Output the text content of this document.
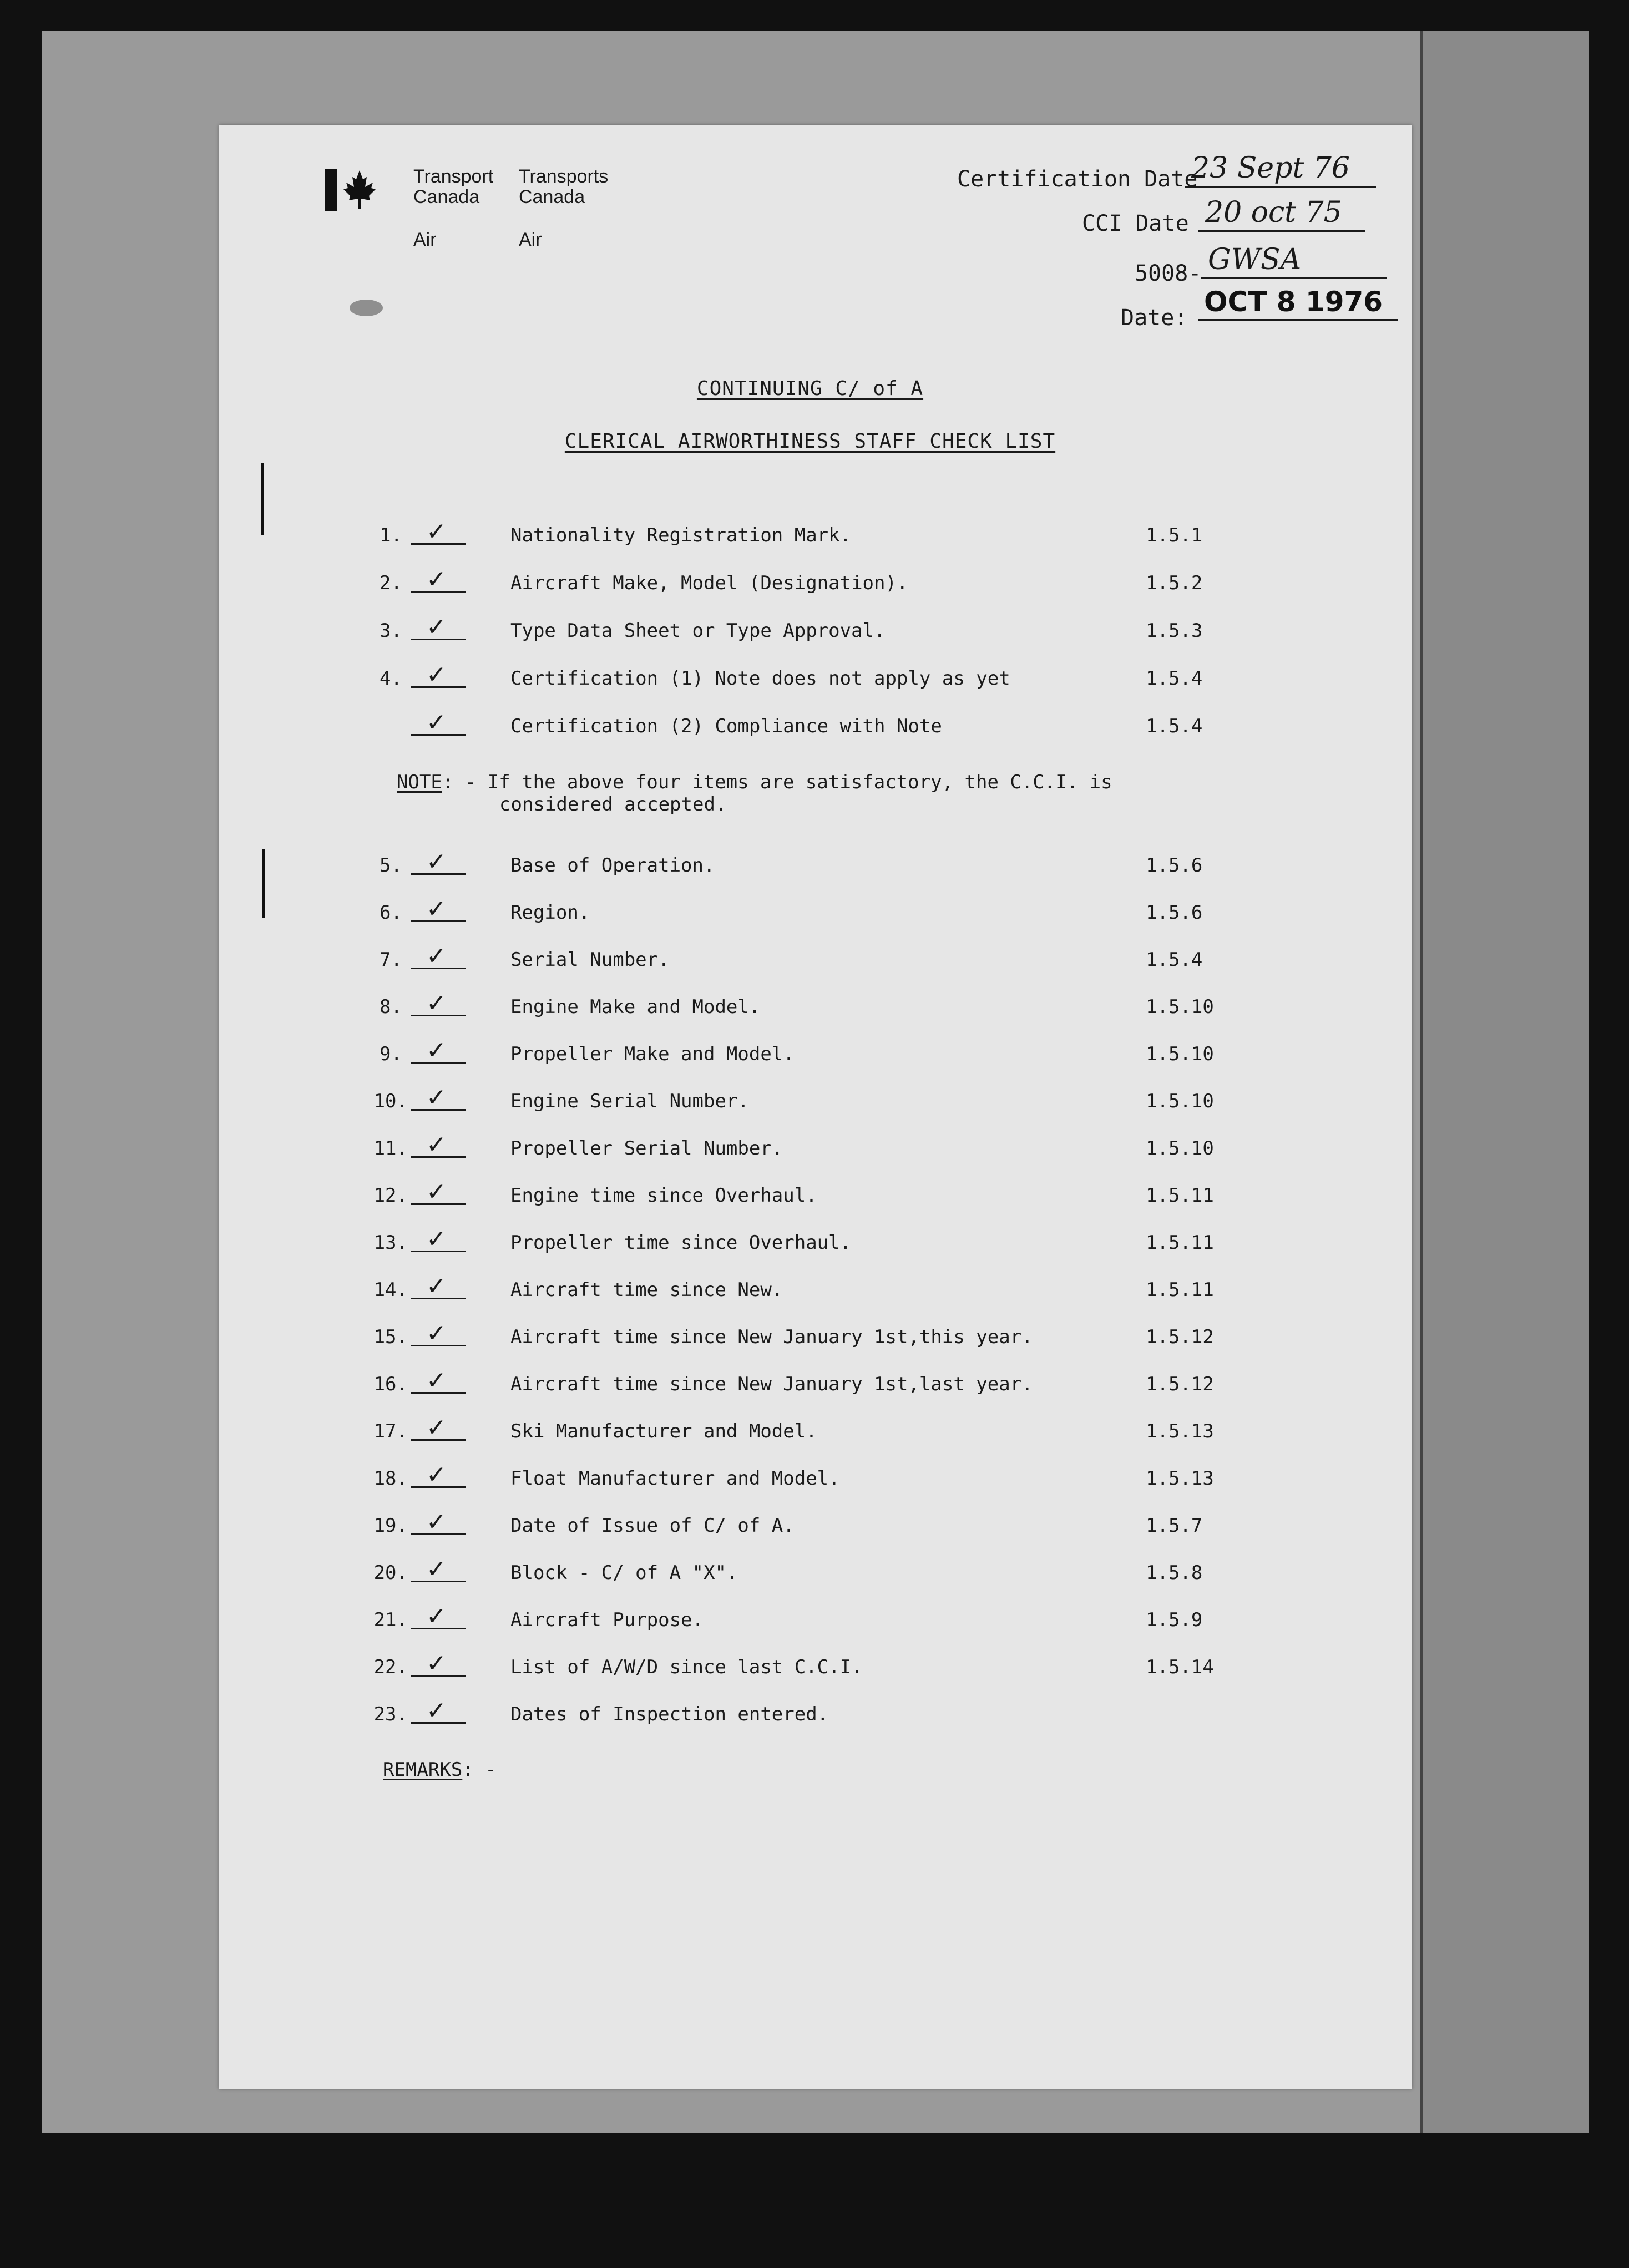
Transport
Canada
Air
Transports
Canada
Air
Certification Date
23 Sept 76
CCI Date 20 oct 75
5008- GWSA
Date: OCT 8 1976
CONTINUING C/ of A
CLERICAL AIRWORTHINESS STAFF CHECK LIST
1. ✓	Nationality Registration Mark.	1.5.1
2. ✓	Aircraft Make, Model (Designation).	1.5.2
3. ✓	Type Data Sheet or Type Approval.	1.5.3
4. ✓	Certification (1) Note does not apply as yet	1.5.4
✓	Certification (2) Compliance with Note	1.5.4
NOTE: - If the above four items are satisfactory, the C.C.I. is
considered accepted.
5. ✓	Base of Operation.	1.5.6
6. ✓	Region.	1.5.6
7. ✓	Serial Number.	1.5.4
8. ✓	Engine Make and Model.	1.5.10
9. ✓	Propeller Make and Model.	1.5.10
10. ✓	Engine Serial Number.	1.5.10
11. ✓	Propeller Serial Number.	1.5.10
12. ✓	Engine time since Overhaul.	1.5.11
13. ✓	Propeller time since Overhaul.	1.5.11
14. ✓	Aircraft time since New.	1.5.11
15. ✓	Aircraft time since New January 1st,this year.	1.5.12
16. ✓	Aircraft time since New January 1st,last year.	1.5.12
17. ✓	Ski Manufacturer and Model.	1.5.13
18. ✓	Float Manufacturer and Model.	1.5.13
19. ✓	Date of Issue of C/ of A.	1.5.7
20. ✓	Block - C/ of A "X".	1.5.8
21. ✓	Aircraft Purpose.	1.5.9
22. ✓	List of A/W/D since last C.C.I.	1.5.14
23. ✓	Dates of Inspection entered.
REMARKS: -
